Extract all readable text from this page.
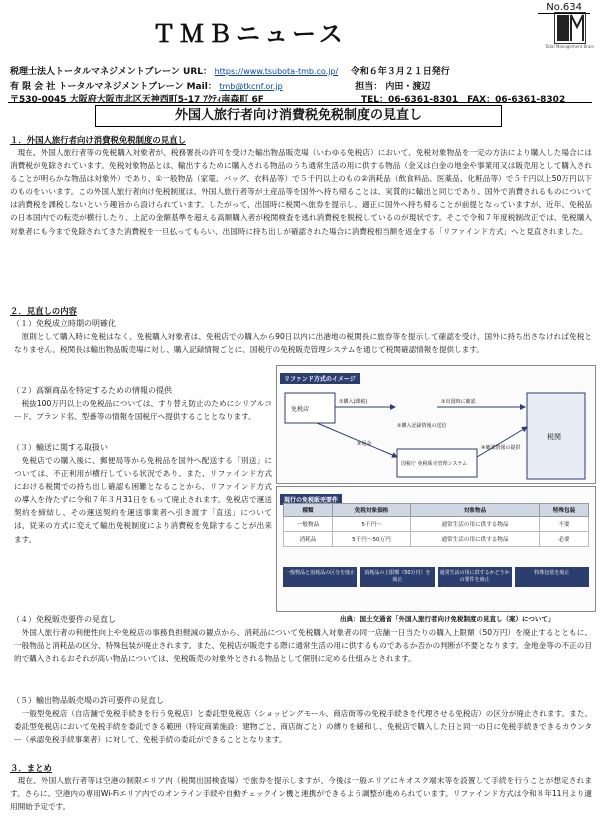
No.634
ＴＭＢニュース	Total Management Brain
税理士法人トータルマネジメントブレーン URL： https://www.tsubota-tmb.co.jp/ 令和６年３月２１日発行
有 限 会 社 トータルマネジメントブレーン Mail： tmb@tkcnf.or.jp	担当： 内田・渡辺
〒530-0045 大阪府大阪市北区天神西町5-17 ｱｸﾃｨ南森町 6F	TEL：06-6361-8301　FAX：06-6361-8302
外国人旅行者向け消費税免税制度の見直し
１．外国人旅行者向け消費税免税制度の見直し
現在、外国人旅行者等の免税購入対象者が、税務署長の許可を受けた輸出物品販売場（いわゆる免税店）において、免税対象物品を一定の方法により購入した場合には消費税が免除されています。免税対象物品とは、輸出するために購入される物品のうち通常生活の用に供する物品（金又は白金の地金や事業用又は販売用として購入されることが明らかな物品は対象外）であり、①一般物品（家電、バッグ、衣料品等）で５千円以上のもの②消耗品（飲食料品、医薬品、化粧品等）で５千円以上50万円以下のものをいいます。この外国人旅行者向け免税制度は、外国人旅行者等が土産品等を国外へ持ち帰ることは、実質的に輸出と同じであり、国外で消費されるものについては消費税を課税しないという趣旨から設けられています。したがって、出国時に税関へ旅券を提示し、適正に国外へ持ち帰ることが前提となっていますが、近年、免税品の日本国内での転売が横行したり、上記の金額基準を超える高額購入者が税関検査を逃れ消費税を脱税しているのが現状です。そこで令和７年度税制改正では、免税購入対象者にも今まで免除されてきた消費税を一旦払ってもらい、出国時に持ち出しが確認された場合に消費税相当額を返金する「リファインド方式」へと見直されました。
２．見直しの内容
（１）免税成立時期の明確化
原則として購入時に免税はなく、免税購入対象者は、免税店での購入から90日以内に出港地の税関長に旅券等を提示して確認を受け、国外に持ち出さなければ免税となりません。税関長は輸出物品販売場に対し、購入記録情報ごとに、国税庁の免税販売管理システムを通じて税関確認情報を提供します。
（２）高額商品を特定するための情報の提供
税抜100万円以上の免税品については、すり替え防止のためにシリアルコード、ブランド名、型番等の情報を国税庁へ提供することとなります。
（３）輸送に関する取扱い
免税店での購入後に、郵便局等から免税品を国外へ配送する「別送」については、不正利用が横行している状況であり、また、リファインド方式における税関での持ち出し確認も困難となることから、リファインド方式の導入を待たずに令和７年３月31日をもって廃止されます。免税店で運送契約を締結し、その運送契約を運送事業者へ引き渡す「直送」については、従来の方式に変えて輸出免税制度により消費税を免除することが出来ます。
リファンド方式のイメージ
免税店
①購入(課税)
②購入記録情報の送信
③出国時に確認
④確認情報の提供
⑤返金
国税庁 免税販売管理システム
税関
現行の免税販売要件
種類	免税対象価格	対象物品	特殊包装
一般物品	5千円〜	通常生活の用に供する物品	不要
消耗品	5千円〜50万円	通常生活の用に供する物品	必要
一般物品と消耗品の区分を廃止	消耗品の上限額（50万円）を廃止
通常生活の用に供するかどうかの要件を廃止
特殊包装を廃止
出典：国土交通省「外国人旅行者向け免税制度の見直し（案）について」
（４）免税販売要件の見直し
外国人旅行者の利便性向上や免税店の事務負担軽減の観点から、消耗品について免税購入対象者の同一店舗一日当たりの購入上限額（50万円）を廃止するとともに、一般物品と消耗品の区分、特殊包装が廃止されます。また、免税店が販売する際に通常生活の用に供するものであるか否かの判断が不要となります。金地金等の不正の目的で購入されるおそれが高い物品については、免税販売の対象外とされる物品として個別に定める仕組みとされます。
（５）輸出物品販売場の許可要件の見直し
一般型免税店（自店舗で免税手続きを行う免税店）と委託型免税店（ショッピングモール、商店街等の免税手続きを代理させる免税店）の区分が廃止されます。また、委託型免税店において免税手続を委託できる範囲（特定商業施設：建物ごと、商店街ごと）の縛りを緩和し、免税店で購入した日と同一の日に免税手続きできるカウンター（承認免税手続事業者）に対して、免税手続の委託ができることとなります。
３．まとめ
現在、外国人旅行者等は空港の制限エリア内（税関出国検査場）で旅券を提示しますが、今後は一般エリアにキオスク端末等を設置して手続を行うことが想定されます。さらに、空港内の専用Wi-Fiエリア内でのオンライン手続や自動チェックイン機と連携ができるよう調整が進められています。リファインド方式は令和８年11月より適用開始予定です。
